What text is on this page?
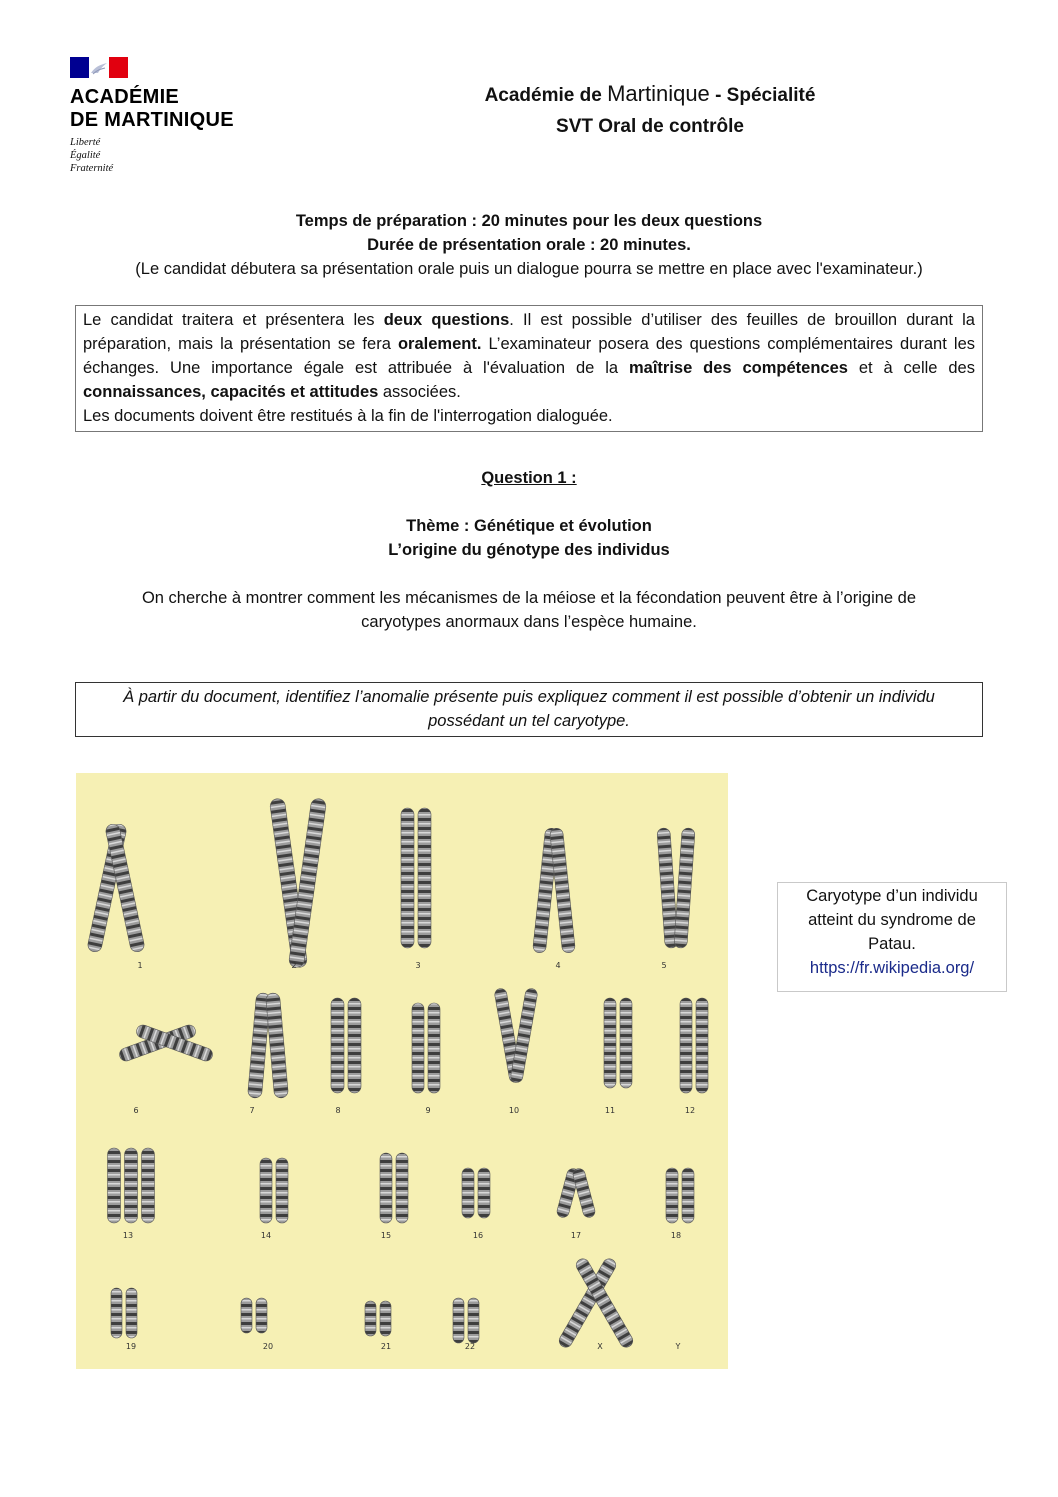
ACADÉMIE
DE MARTINIQUE
Liberté
Égalité
Fraternité
Académie de Martinique - Spécialité
SVT Oral de contrôle
Temps de préparation : 20 minutes pour les deux questions
Durée de présentation orale : 20 minutes.
(Le candidat débutera sa présentation orale puis un dialogue pourra se mettre en place avec l'examinateur.)
Le candidat traitera et présentera les deux questions. Il est possible d’utiliser des feuilles de brouillon durant la préparation, mais la présentation se fera oralement. L’examinateur posera des questions complémentaires durant les échanges. Une importance égale est attribuée à l'évaluation de la maîtrise des compétences et à celle des connaissances, capacités et attitudes associées.
Les documents doivent être restitués à la fin de l'interrogation dialoguée.
Question 1 :
Thème : Génétique et évolution
L’origine du génotype des individus
On cherche à montrer comment les mécanismes de la méiose et la fécondation peuvent être à l’origine de caryotypes anormaux dans l’espèce humaine.
À partir du document, identifiez l’anomalie présente puis expliquez comment il est possible d’obtenir un individu possédant un tel caryotype.
1	2	3	4	5
6	7	8	9	10	11	12
13	14	15	16	17	18
19	20	21	22	X	Y
Caryotype d’un individu
atteint du syndrome de
Patau.
https://fr.wikipedia.org/
